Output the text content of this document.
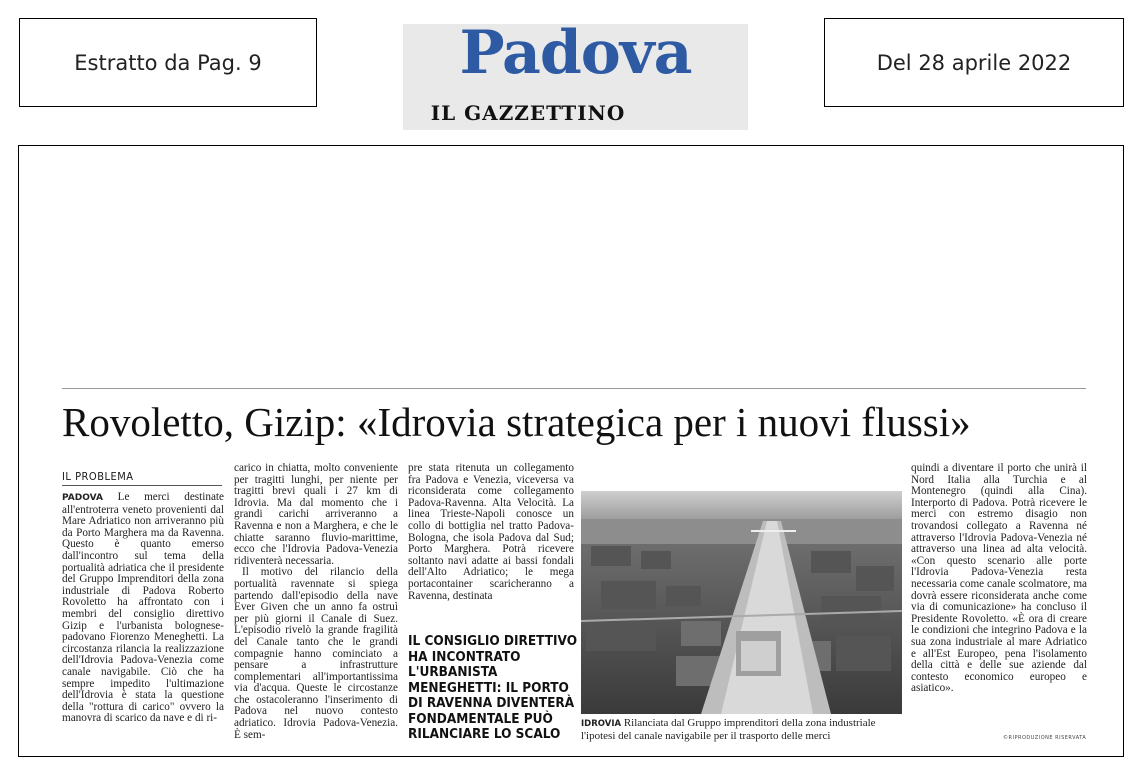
Estratto da Pag. 9	Padova
IL GAZZETTINO
Del 28 aprile 2022
Rovoletto, Gizip: «Idrovia strategica per i nuovi flussi»
IL PROBLEMA

PADOVA Le merci destinate all'entroterra veneto provenienti dal Mare Adriatico non arriveranno più da Porto Marghera ma da Ravenna. Questo è quanto emerso dall'incontro sul tema della portualità adriatica che il presidente del Gruppo Imprenditori della zona industriale di Padova Roberto Rovoletto ha affrontato con i membri del consiglio direttivo Gizip e l'urbanista bolognese-padovano Fiorenzo Meneghetti. La circostanza rilancia la realizzazione dell'Idrovia Padova-Venezia come canale navigabile. Ciò che ha sempre impedito l'ultimazione dell'Idrovia è stata la questione della "rottura di carico" ovvero la manovra di scarico da nave e di ri-

carico in chiatta, molto conveniente per tragitti lunghi, per niente per tragitti brevi quali i 27 km di Idrovia. Ma dal momento che i grandi carichi arriveranno a Ravenna e non a Marghera, e che le chiatte saranno fluvio-marittime, ecco che l'Idrovia Padova-Venezia ridiventerà necessaria.

Il motivo del rilancio della portualità ravennate si spiega partendo dall'episodio della nave Ever Given che un anno fa ostruì per più giorni il Canale di Suez. L'episodio rivelò la grande fragilità del Canale tanto che le grandi compagnie hanno cominciato a pensare a infrastrutture complementari all'importantissima via d'acqua. Queste le circostanze che ostacoleranno l'inserimento di Padova nel nuovo contesto adriatico. Idrovia Padova-Venezia. È sem-

pre stata ritenuta un collegamento fra Padova e Venezia, viceversa va riconsiderata come collegamento Padova-Ravenna. Alta Velocità. La linea Trieste-Napoli conosce un collo di bottiglia nel tratto Padova-Bologna, che isola Padova dal Sud; Porto Marghera. Potrà ricevere soltanto navi adatte ai bassi fondali dell'Alto Adriatico; le mega portacontainer scaricheranno a Ravenna, destinata

IL CONSIGLIO DIRETTIVO HA INCONTRATO L'URBANISTA MENEGHETTI: IL PORTO DI RAVENNA DIVENTERÀ FONDAMENTALE PUÒ RILANCIARE LO SCALO
IDROVIA Rilanciata dal Gruppo imprenditori della zona industriale l'ipotesi del canale navigabile per il trasporto delle merci

quindi a diventare il porto che unirà il Nord Italia alla Turchia e al Montenegro (quindi alla Cina). Interporto di Padova. Potrà ricevere le merci con estremo disagio non trovandosi collegato a Ravenna né attraverso l'Idrovia Padova-Venezia né attraverso una linea ad alta velocità. «Con questo scenario alle porte l'Idrovia Padova-Venezia resta necessaria come canale scolmatore, ma dovrà essere riconsiderata anche come via di comunicazione» ha concluso il Presidente Rovoletto. «È ora di creare le condizioni che integrino Padova e la sua zona industriale al mare Adriatico e all'Est Europeo, pena l'isolamento della città e delle sue aziende dal contesto economico europeo e asiatico».

©RIPRODUZIONE RISERVATA
